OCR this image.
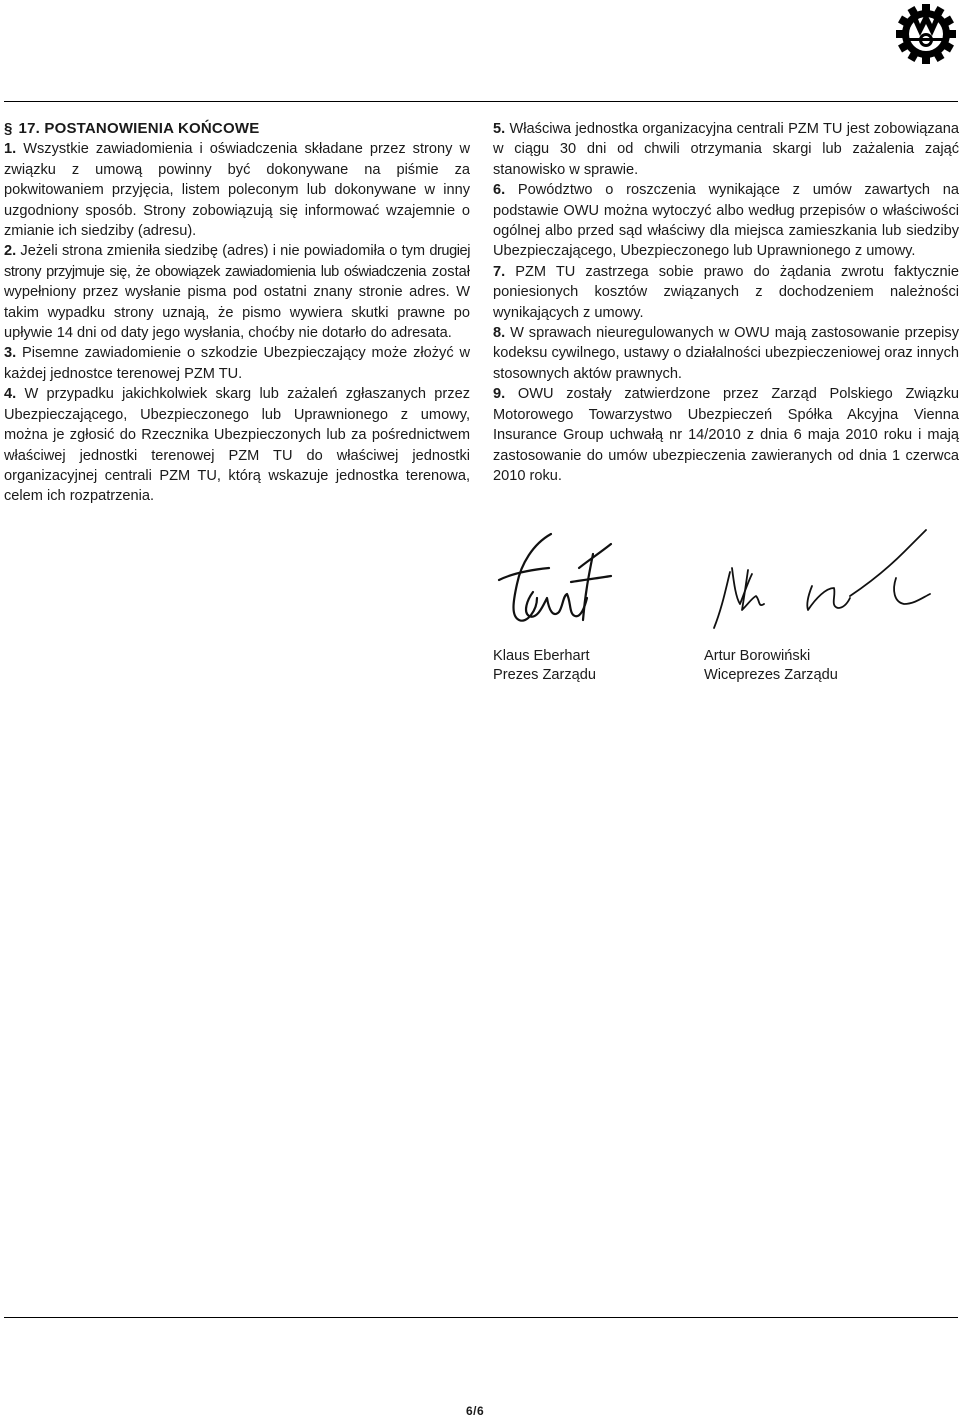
§ 17. POSTANOWIENIA KOŃCOWE

1. Wszystkie zawiadomienia i oświadczenia składane przez strony w związku z umową powinny być dokonywane na piśmie za pokwitowaniem przyjęcia, listem poleconym lub dokonywane w inny uzgodniony sposób. Strony zobowiązują się informować wzajemnie o zmianie ich siedziby (adresu).

2. Jeżeli strona zmieniła siedzibę (adres) i nie powiadomiła o tym drugiej strony przyjmuje się, że obowiązek zawiadomienia lub oświadczenia został wypełniony przez wysłanie pisma pod ostatni znany stronie adres. W takim wypadku strony uznają, że pismo wywiera skutki prawne po upływie 14 dni od daty jego wysłania, choćby nie dotarło do adresata.

3. Pisemne zawiadomienie o szkodzie Ubezpieczający może złożyć w każdej jednostce terenowej PZM TU.

4. W przypadku jakichkolwiek skarg lub zażaleń zgłaszanych przez Ubezpieczającego, Ubezpieczonego lub Uprawnionego z umowy, można je zgłosić do Rzecznika Ubezpieczonych lub za pośrednictwem właściwej jednostki terenowej PZM TU do właściwej jednostki organizacyjnej centrali PZM TU, którą wskazuje jednostka terenowa, celem ich rozpatrzenia.

5. Właściwa jednostka organizacyjna centrali PZM TU jest zobowiązana w ciągu 30 dni od chwili otrzymania skargi lub zażalenia zająć stanowisko w sprawie.

6. Powództwo o roszczenia wynikające z umów zawartych na podstawie OWU można wytoczyć albo według przepisów o właściwości ogólnej albo przed sąd właściwy dla miejsca zamieszkania lub siedziby Ubezpieczającego, Ubezpieczonego lub Uprawnionego z umowy.

7. PZM TU zastrzega sobie prawo do żądania zwrotu faktycznie poniesionych kosztów związanych z dochodzeniem należności wynikających z umowy.

8. W sprawach nieuregulowanych w OWU mają zastosowanie przepisy kodeksu cywilnego, ustawy o działalności ubezpieczeniowej oraz innych stosownych aktów prawnych.

9. OWU zostały zatwierdzone przez Zarząd Polskiego Związku Motorowego Towarzystwo Ubezpieczeń Spółka Akcyjna Vienna Insurance Group uchwałą nr 14/2010 z dnia 6 maja 2010 roku i mają zastosowanie do umów ubezpieczenia zawieranych od dnia 1 czerwca 2010 roku.

Klaus Eberhart
Prezes Zarządu
Artur Borowiński
Wiceprezes Zarządu
6/6
